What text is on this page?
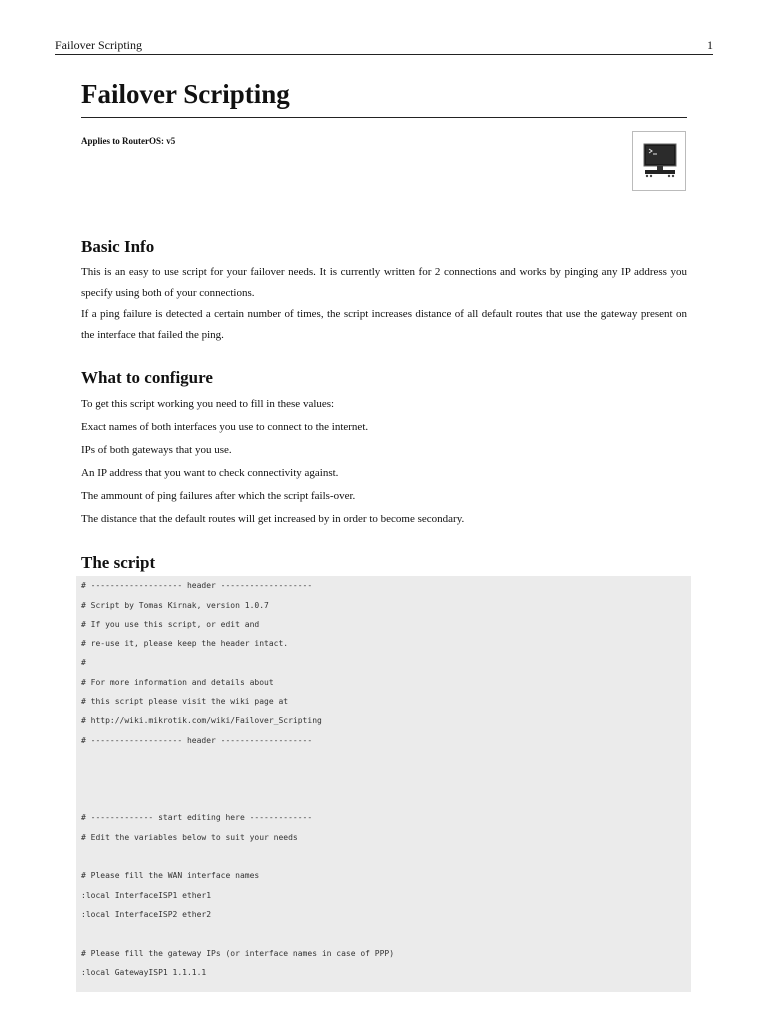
Failover Scripting	1
Failover Scripting
Applies to RouterOS: v5
Basic Info

This is an easy to use script for your failover needs. It is currently written for 2 connections and works by pinging any IP address you specify using both of your connections.

If a ping failure is detected a certain number of times, the script increases distance of all default routes that use the gateway present on the interface that failed the ping.

What to configure

To get this script working you need to fill in these values:

Exact names of both interfaces you use to connect to the internet.

IPs of both gateways that you use.

An IP address that you want to check connectivity against.

The ammount of ping failures after which the script fails-over.

The distance that the default routes will get increased by in order to become secondary.

The script
# ------------------- header -------------------
# Script by Tomas Kirnak, version 1.0.7
# If you use this script, or edit and
# re-use it, please keep the header intact.
#
# For more information and details about
# this script please visit the wiki page at
# http://wiki.mikrotik.com/wiki/Failover_Scripting
# ------------------- header -------------------
# ------------- start editing here -------------
# Edit the variables below to suit your needs
# Please fill the WAN interface names
:local InterfaceISP1 ether1
:local InterfaceISP2 ether2
# Please fill the gateway IPs (or interface names in case of PPP)
:local GatewayISP1 1.1.1.1
